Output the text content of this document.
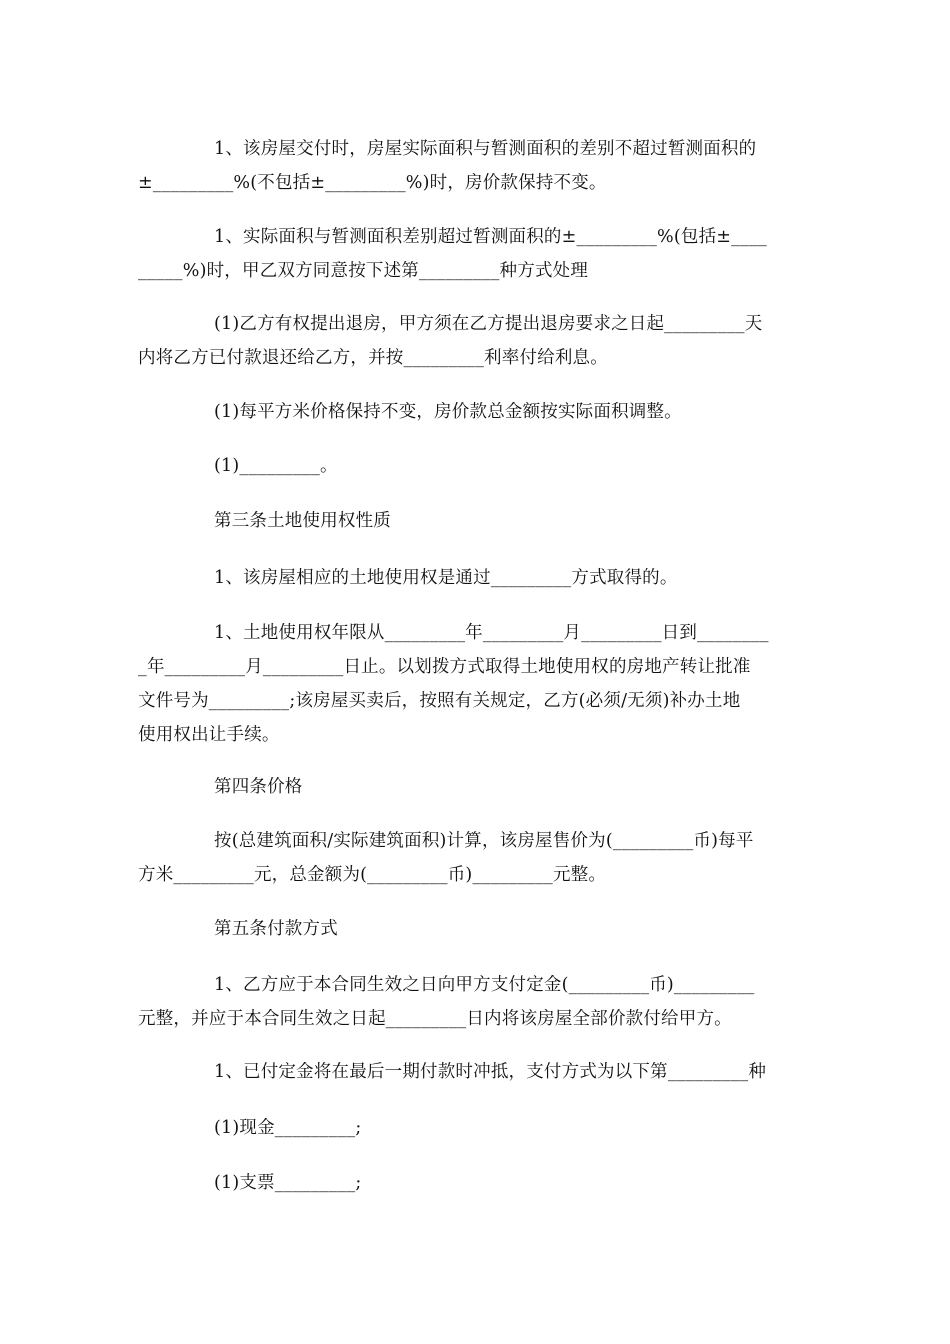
1、该房屋交付时，房屋实际面积与暂测面积的差别不超过暂测面积的
±_________%(不包括±_________%)时，房价款保持不变。
1、实际面积与暂测面积差别超过暂测面积的±_________%(包括±____
_____%)时，甲乙双方同意按下述第_________种方式处理
(1)乙方有权提出退房，甲方须在乙方提出退房要求之日起_________天
内将乙方已付款退还给乙方，并按_________利率付给利息。
(1)每平方米价格保持不变，房价款总金额按实际面积调整。
(1)_________。
第三条土地使用权性质
1、该房屋相应的土地使用权是通过_________方式取得的。
1、土地使用权年限从_________年_________月_________日到________
_年_________月_________日止。以划拨方式取得土地使用权的房地产转让批准
文件号为_________;该房屋买卖后，按照有关规定，乙方(必须/无须)补办土地
使用权出让手续。
第四条价格
按(总建筑面积/实际建筑面积)计算，该房屋售价为(_________币)每平
方米_________元，总金额为(_________币)_________元整。
第五条付款方式
1、乙方应于本合同生效之日向甲方支付定金(_________币)_________
元整，并应于本合同生效之日起_________日内将该房屋全部价款付给甲方。
1、已付定金将在最后一期付款时冲抵，支付方式为以下第_________种
(1)现金_________;
(1)支票_________;
